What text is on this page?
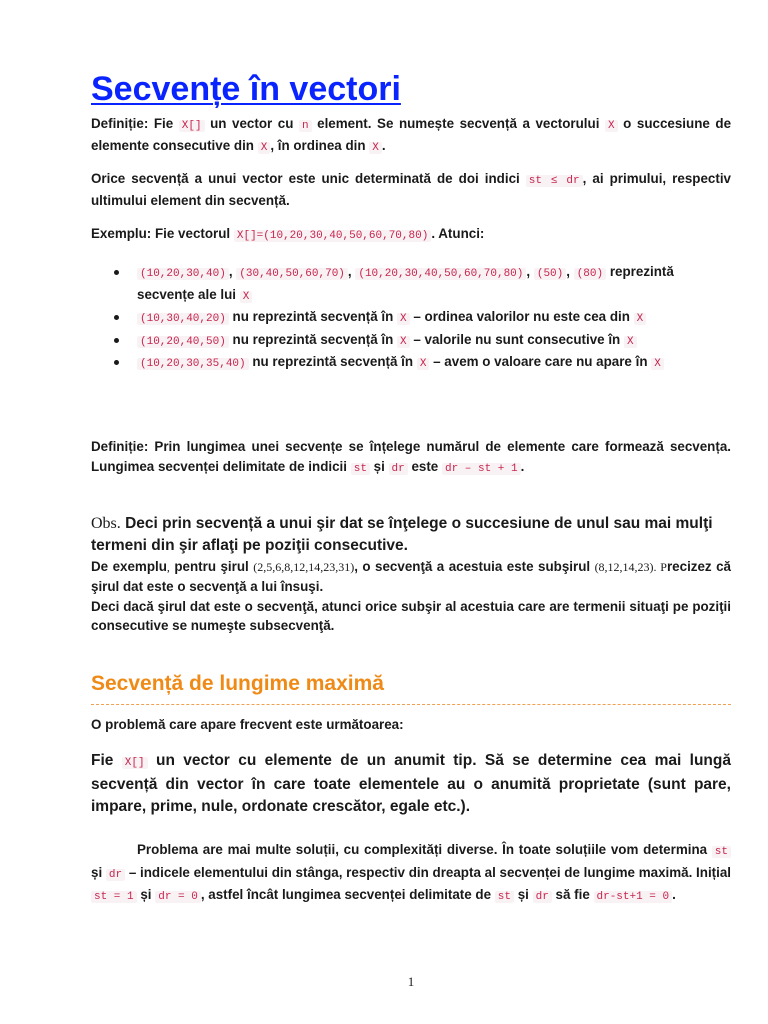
Secvențe în vectori
Definiție: Fie X[] un vector cu n element. Se numește secvență a vectorului X o succesiune de elemente consecutive din X , în ordinea din X .
Orice secvență a unui vector este unic determinată de doi indici st ≤ dr , ai primului, respectiv ultimului element din secvență.
Exemplu: Fie vectorul X[]=(10,20,30,40,50,60,70,80) . Atunci:
(10,20,30,40) , (30,40,50,60,70) , (10,20,30,40,50,60,70,80) , (50) , (80) reprezintă secvențe ale lui X
(10,30,40,20) nu reprezintă secvență în X – ordinea valorilor nu este cea din X
(10,20,40,50) nu reprezintă secvență în X – valorile nu sunt consecutive în X
(10,20,30,35,40) nu reprezintă secvență în X – avem o valoare care nu apare în X
Definiție: Prin lungimea unei secvențe se înțelege numărul de elemente care formează secvența. Lungimea secvenței delimitate de indicii st și dr este dr – st + 1 .
Obs. Deci prin secvență a unui şir dat se înţelege o succesiune de unul sau mai mulţi termeni din şir aflaţi pe poziţii consecutive.
De exemplu, pentru şirul (2,5,6,8,12,14,23,31), o secvenţă a acestuia este subşirul (8,12,14,23). Precizez că şirul dat este o secvenţă a lui însuşi.
Deci dacă şirul dat este o secvenţă, atunci orice subşir al acestuia care are termenii situaţi pe poziţii consecutive se numeşte subsecvenţă.
Secvență de lungime maximă
O problemă care apare frecvent este următoarea:
Fie X[] un vector cu elemente de un anumit tip. Să se determine cea mai lungă secvență din vector în care toate elementele au o anumită proprietate (sunt pare, impare, prime, nule, ordonate crescător, egale etc.).
Problema are mai multe soluții, cu complexități diverse. În toate soluțiile vom determina st și dr – indicele elementului din stânga, respectiv din dreapta al secvenței de lungime maximă. Inițial st = 1 și dr = 0 , astfel încât lungimea secvenței delimitate de st și dr să fie dr-st+1 = 0 .
1
